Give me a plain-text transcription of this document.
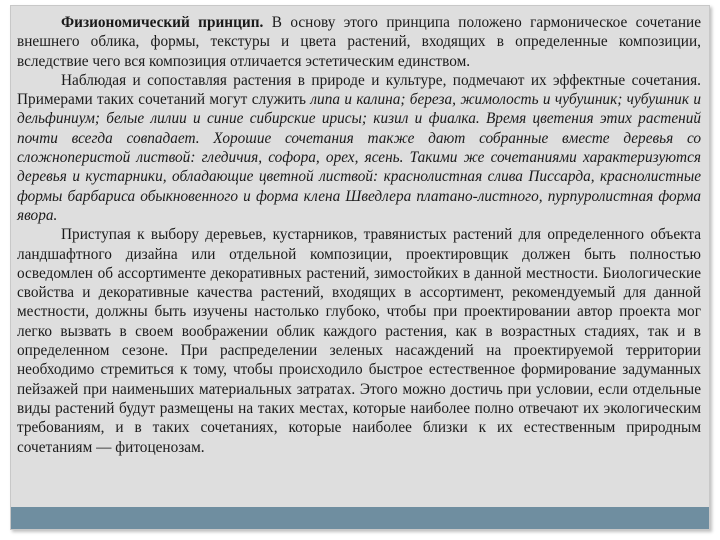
Физиономический принцип. В основу этого принципа положено гармоническое сочетание внешнего облика, формы, текстуры и цвета растений, входящих в определенные композиции, вследствие чего вся композиция отличается эстетическим единством.

Наблюдая и сопоставляя растения в природе и культуре, подмечают их эффектные сочетания. Примерами таких сочетаний могут служить липа и калина; береза, жимолость и чубушник; чубушник и дельфиниум; белые лилии и синие сибирские ирисы; кизил и фиалка. Время цветения этих растений почти всегда совпадает. Хорошие сочетания также дают собранные вместе деревья со сложноперистой листвой: гледичия, софора, орех, ясень. Такими же сочетаниями характеризуются деревья и кустарники, обладающие цветной листвой: краснолистная слива Писсарда, краснолистные формы барбариса обыкновенного и форма клена Шведлера платано-листного, пурпуролистная форма явора.

Приступая к выбору деревьев, кустарников, травянистых растений для определенного объекта ландшафтного дизайна или отдельной композиции, проектировщик должен быть полностью осведомлен об ассортименте декоративных растений, зимостойких в данной местности. Биологические свойства и декоративные качества растений, входящих в ассортимент, рекомендуемый для данной местности, должны быть изучены настолько глубоко, чтобы при проектировании автор проекта мог легко вызвать в своем воображении облик каждого растения, как в возрастных стадиях, так и в определенном сезоне. При распределении зеленых насаждений на проектируемой территории необходимо стремиться к тому, чтобы происходило быстрое естественное формирование задуманных пейзажей при наименьших материальных затратах. Этого можно достичь при условии, если отдельные виды растений будут размещены на таких местах, которые наиболее полно отвечают их экологическим требованиям, и в таких сочетаниях, которые наиболее близки к их естественным природным сочетаниям — фитоценозам.
